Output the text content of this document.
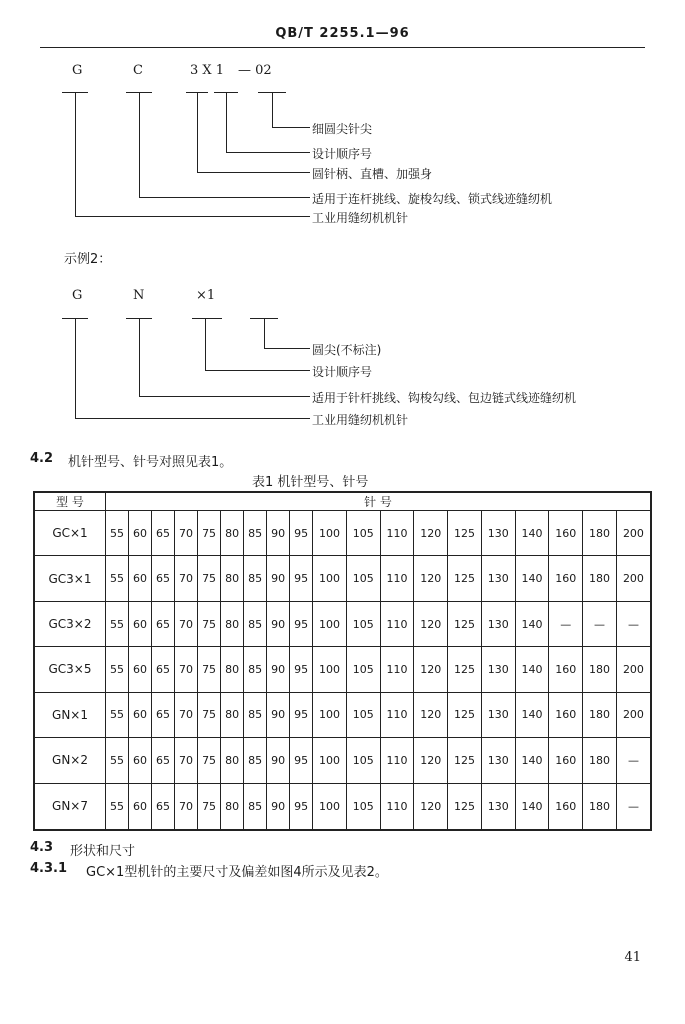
QB/T 2255.1—96
G	C	3 X 1 — 02
细圆尖针尖
设计顺序号
圆针柄、直槽、加强身
适用于连杆挑线、旋梭勾线、锁式线迹缝纫机
工业用缝纫机机针
示例2：
G	N	×1
圆尖(不标注)
设计顺序号
适用于针杆挑线、钩梭勾线、包边链式线迹缝纫机
工业用缝纫机机针
4.2 机针型号、针号对照见表1。
表1 机针型号、针号
型 号	针 号																		
GC×1	55	60	65	70	75	80	85	90	95	100	105	110	120	125	130	140	160	180	200
GC3×1	55	60	65	70	75	80	85	90	95	100	105	110	120	125	130	140	160	180	200
GC3×2	55	60	65	70	75	80	85	90	95	100	105	110	120	125	130	140	—	—	—
GC3×5	55	60	65	70	75	80	85	90	95	100	105	110	120	125	130	140	160	180	200
GN×1	55	60	65	70	75	80	85	90	95	100	105	110	120	125	130	140	160	180	200
GN×2	55	60	65	70	75	80	85	90	95	100	105	110	120	125	130	140	160	180	—
GN×7	55	60	65	70	75	80	85	90	95	100	105	110	120	125	130	140	160	180	—
4.3 形状和尺寸
4.3.1 GC×1型机针的主要尺寸及偏差如图4所示及见表2。
41
